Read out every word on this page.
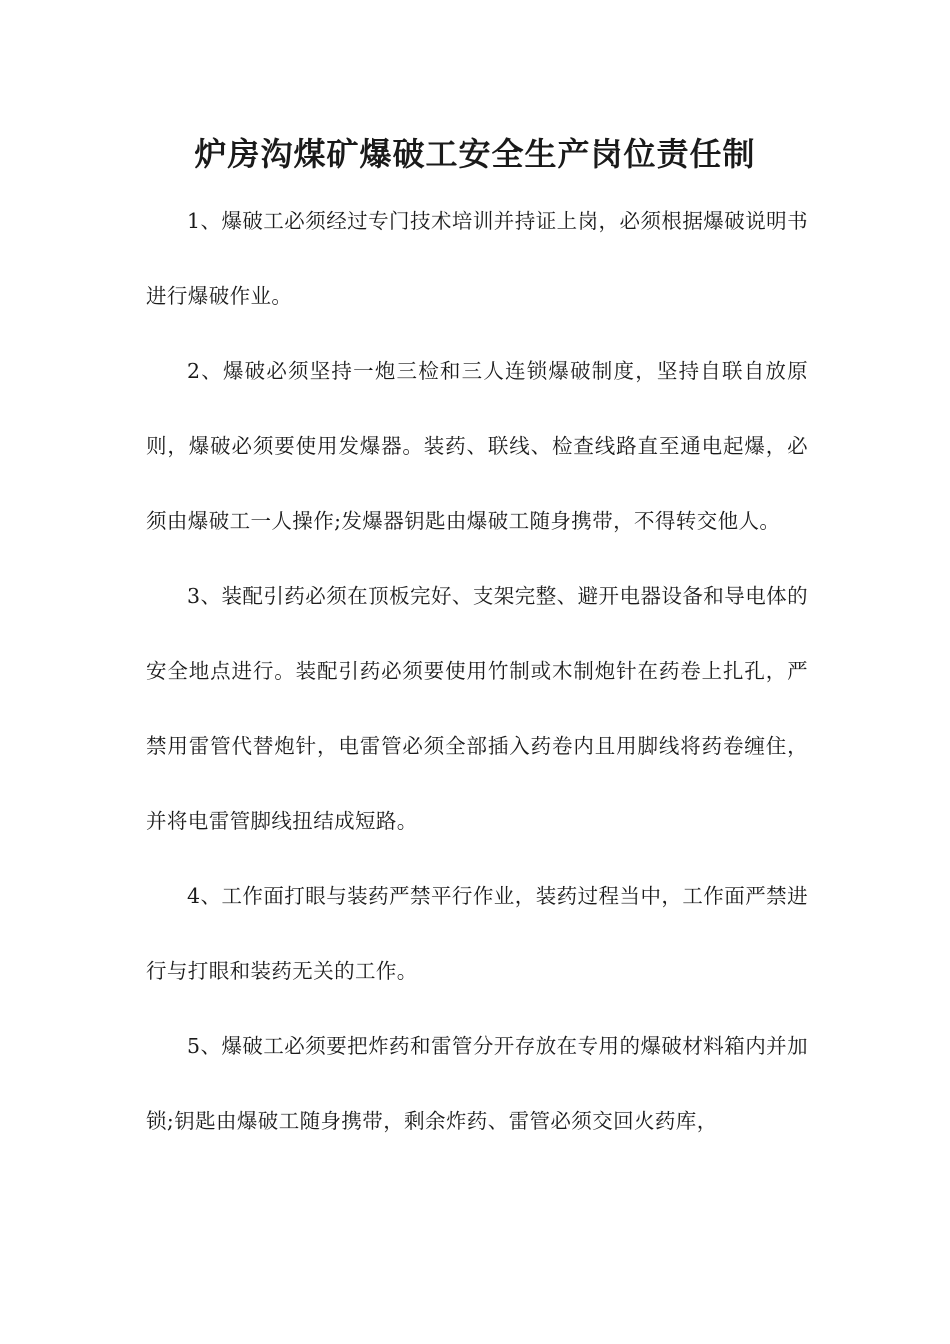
炉房沟煤矿爆破工安全生产岗位责任制

1、爆破工必须经过专门技术培训并持证上岗，必须根据爆破说明书进行爆破作业。

2、爆破必须坚持一炮三检和三人连锁爆破制度，坚持自联自放原则，爆破必须要使用发爆器。装药、联线、检查线路直至通电起爆，必须由爆破工一人操作;发爆器钥匙由爆破工随身携带，不得转交他人。

3、装配引药必须在顶板完好、支架完整、避开电器设备和导电体的安全地点进行。装配引药必须要使用竹制或木制炮针在药卷上扎孔，严禁用雷管代替炮针，电雷管必须全部插入药卷内且用脚线将药卷缠住，并将电雷管脚线扭结成短路。

4、工作面打眼与装药严禁平行作业，装药过程当中，工作面严禁进行与打眼和装药无关的工作。

5、爆破工必须要把炸药和雷管分开存放在专用的爆破材料箱内并加锁;钥匙由爆破工随身携带，剩余炸药、雷管必须交回火药库，
